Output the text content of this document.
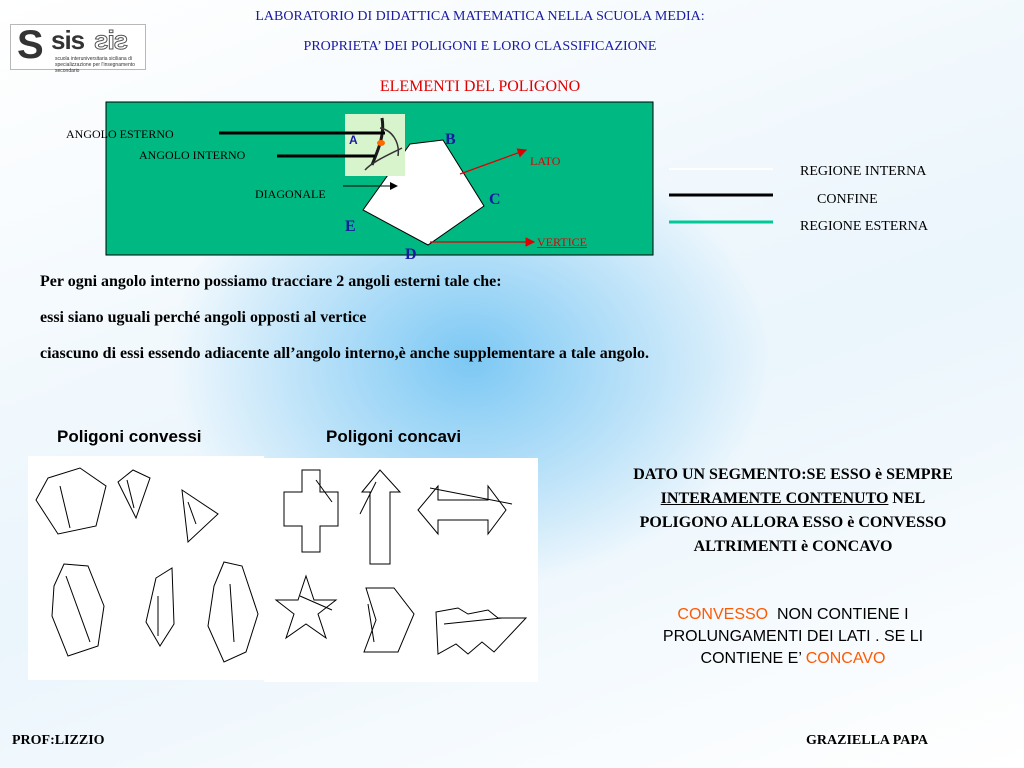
S sis sis
scuola interuniversitaria siciliana di specializzazione per l'insegnamento secondario
LABORATORIO DI DIDATTICA MATEMATICA NELLA SCUOLA MEDIA:
PROPRIETA’ DEI POLIGONI E LORO CLASSIFICAZIONE
ELEMENTI DEL POLIGONO
ANGOLO ESTERNO
ANGOLO INTERNO
DIAGONALE
LATO
VERTICE
A	B
C
D
E
REGIONE INTERNA
CONFINE
REGIONE ESTERNA
Per ogni angolo interno possiamo tracciare 2 angoli esterni tale che:
essi siano uguali perché angoli opposti al vertice
ciascuno di essi essendo adiacente all’angolo interno,è anche supplementare a tale angolo.
Poligoni convessi	Poligoni concavi
DATO UN SEGMENTO:SE ESSO è SEMPRE INTERAMENTE CONTENUTO NEL POLIGONO ALLORA ESSO è CONVESSO ALTRIMENTI è CONCAVO
CONVESSO  NON CONTIENE I PROLUNGAMENTI DEI LATI . SE LI CONTIENE E’ CONCAVO
PROF:LIZZIO	GRAZIELLA PAPA
